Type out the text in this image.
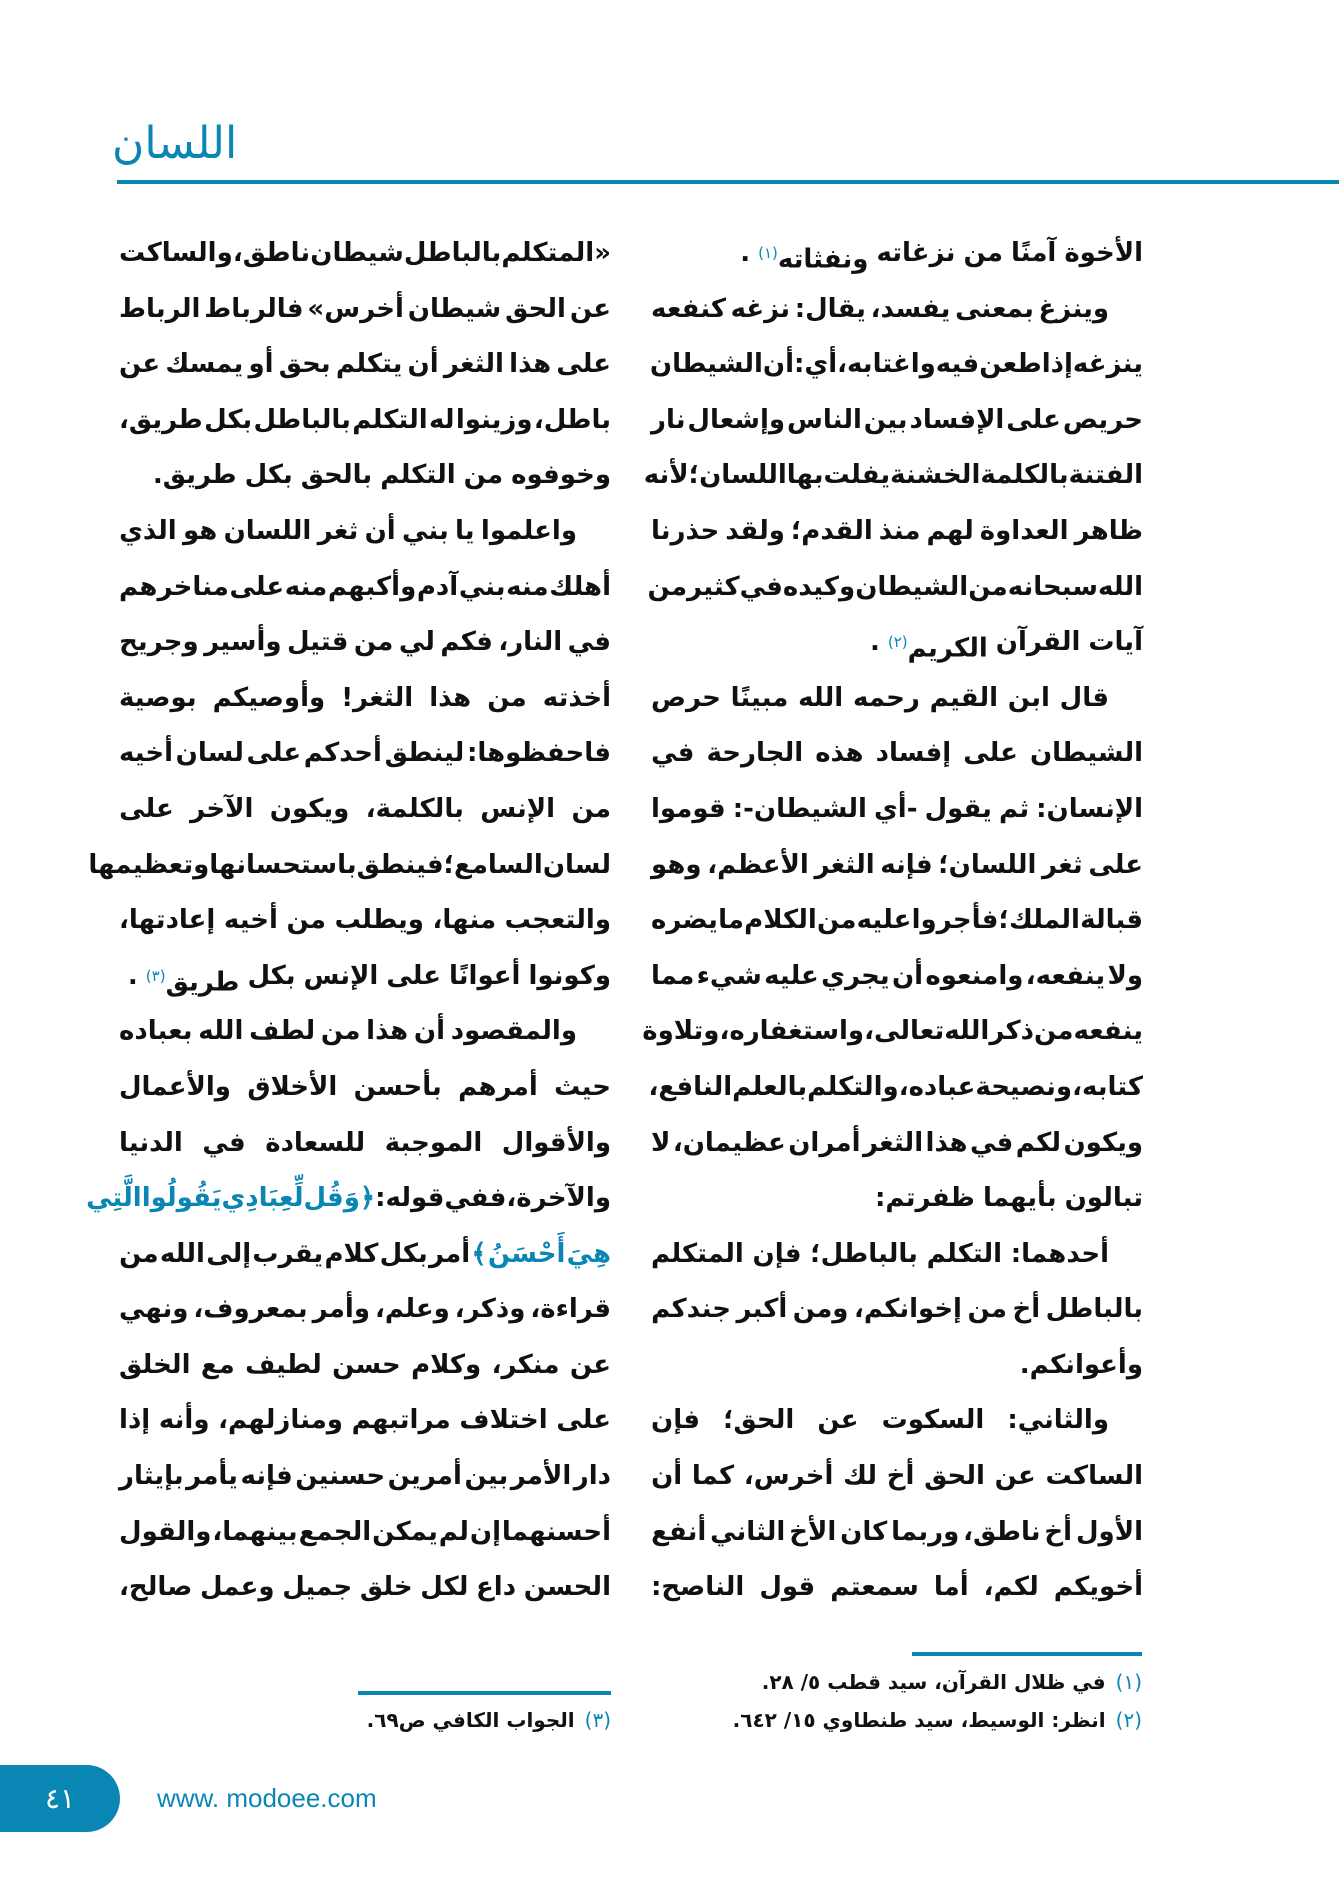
اللسان
الأخوة
آمنًا
من
نزغاته
ونفثاته$^{(١)}$
.
وينزغ
بمعنى
يفسد،
يقال:
نزغه
كنفعه
ينزغه
إذا
طعن
فيه
واغتابه،
أي:
أن
الشيطان
حريص
على
الإفساد
بين
الناس
وإشعال
نار
الفتنة
بالكلمة
الخشنة
يفلت
بها
اللسان؛
لأنه
ظاهر
العداوة
لهم
منذ
القدم؛
ولقد
حذرنا
الله
سبحانه
من
الشيطان
وكيده
في
كثير
من
آيات
القرآن
الكريم$^{(٢)}$
.
قال
ابن
القيم
رحمه
الله
مبينًا
حرص
الشيطان
على
إفساد
هذه
الجارحة
في
الإنسان:
ثم
يقول
-أي
الشيطان-:
قوموا
على
ثغر
اللسان؛
فإنه
الثغر
الأعظم،
وهو
قبالة
الملك؛
فأجروا
عليه
من
الكلام
ما
يضره
ولا
ينفعه،
وامنعوه
أن
يجري
عليه
شيء
مما
ينفعه
من
ذكر
الله
تعالى،
واستغفاره،
وتلاوة
كتابه،
ونصيحة
عباده،
والتكلم
بالعلم
النافع،
ويكون
لكم
في
هذا
الثغر
أمران
عظيمان،
لا
تبالون
بأيهما
ظفرتم:
أحدهما:
التكلم
بالباطل؛
فإن
المتكلم
بالباطل
أخ
من
إخوانكم،
ومن
أكبر
جندكم
وأعوانكم.
والثاني:
السكوت
عن
الحق؛
فإن
الساكت
عن
الحق
أخ
لك
أخرس،
كما
أن
الأول
أخ
ناطق،
وربما
كان
الأخ
الثاني
أنفع
أخويكم
لكم،
أما
سمعتم
قول
الناصح:
«المتكلم
بالباطل
شيطان
ناطق،
والساكت
عن
الحق
شيطان
أخرس»
فالرباط
الرباط
على
هذا
الثغر
أن
يتكلم
بحق
أو
يمسك
عن
باطل،
وزينوا
له
التكلم
بالباطل
بكل
طريق،
وخوفوه
من
التكلم
بالحق
بكل
طريق.
واعلموا
يا
بني
أن
ثغر
اللسان
هو
الذي
أهلك
منه
بني
آدم
وأكبهم
منه
على
مناخرهم
في
النار،
فكم
لي
من
قتيل
وأسير
وجريح
أخذته
من
هذا
الثغر!
وأوصيكم
بوصية
فاحفظوها:
لينطق
أحدكم
على
لسان
أخيه
من
الإنس
بالكلمة،
ويكون
الآخر
على
لسان
السامع؛
فينطق
باستحسانها
وتعظيمها
والتعجب
منها،
ويطلب
من
أخيه
إعادتها،
وكونوا
أعوانًا
على
الإنس
بكل
طريق$^{(٣)}$
.
والمقصود
أن
هذا
من
لطف
الله
بعباده
حيث
أمرهم
بأحسن
الأخلاق
والأعمال
والأقوال
الموجبة
للسعادة
في
الدنيا
والآخرة،
ففي
قوله:
﴿
وَقُل
لِّعِبَادِي
يَقُولُوا
الَّتِي
هِيَ
أَحْسَنُ
﴾
أمر
بكل
كلام
يقرب
إلى
الله
من
قراءة،
وذكر،
وعلم،
وأمر
بمعروف،
ونهي
عن
منكر،
وكلام
حسن
لطيف
مع
الخلق
على
اختلاف
مراتبهم
ومنازلهم،
وأنه
إذا
دار
الأمر
بين
أمرين
حسنين
فإنه
يأمر
بإيثار
أحسنهما
إن
لم
يمكن
الجمع
بينهما،
والقول
الحسن
داع
لكل
خلق
جميل
وعمل
صالح،
(١)في ظلال القرآن، سيد قطب ٥/ ٢٨.
(٢)انظر: الوسيط، سيد طنطاوي ١٥/ ٦٤٢.
(٣)الجواب الكافي ص٦٩.
٤١	www. modoee.com
